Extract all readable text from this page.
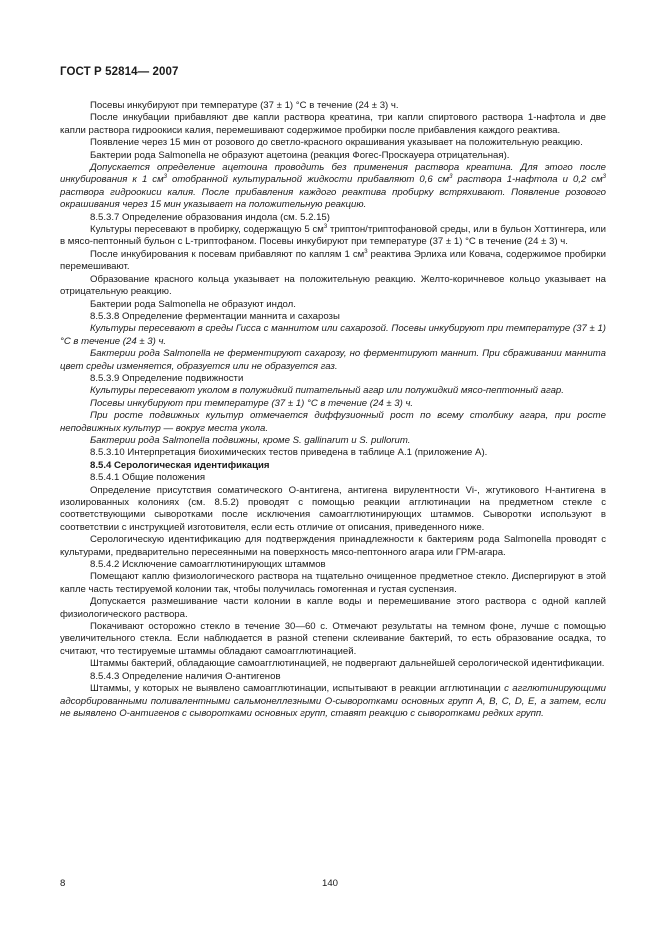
ГОСТ Р 52814— 2007

Посевы инкубируют при температуре (37 ± 1) °С в течение (24 ± 3) ч.

После инкубации прибавляют две капли раствора креатина, три капли спиртового раствора 1-нафтола и две капли раствора гидроокиси калия, перемешивают содержимое пробирки после прибавления каждого реактива.

Появление через 15 мин от розового до светло-красного окрашивания указывает на положительную реакцию.

Бактерии рода Salmonella не образуют ацетоина (реакция Фогес-Проскауера отрицательная).

Допускается определение ацетоина проводить без применения раствора креатина. Для этого после инкубирования к 1 $см^3$ отобранной культуральной жидкости прибавляют 0,6 $см^3$ раствора 1-нафтола и 0,2 $см^3$ раствора гидроокиси калия. После прибавления каждого реактива пробирку встряхивают. Появление розового окрашивания через 15 мин указывает на положительную реакцию.

8.5.3.7 Определение образования индола (см. 5.2.15)

Культуры пересевают в пробирку, содержащую 5 $см^3$ триптон/триптофановой среды, или в бульон Хоттингера, или в мясо-пептонный бульон с L-триптофаном. Посевы инкубируют при температуре (37 ± 1) °С в течение (24 ± 3) ч.

После инкубирования к посевам прибавляют по каплям 1 $см^3$ реактива Эрлиха или Ковача, содержимое пробирки перемешивают.

Образование красного кольца указывает на положительную реакцию. Желто-коричневое кольцо указывает на отрицательную реакцию.

Бактерии рода Salmonella не образуют индол.

8.5.3.8 Определение ферментации маннита и сахарозы

Культуры пересевают в среды Гисса с маннитом или сахарозой. Посевы инкубируют при температуре (37 ± 1) °С в течение (24 ± 3) ч.

Бактерии рода Salmonella не ферментируют сахарозу, но ферментируют маннит. При сбраживании маннита цвет среды изменяется, образуется или не образуется газ.

8.5.3.9 Определение подвижности

Культуры пересевают уколом в полужидкий питательный агар или полужидкий мясо-пептонный агар.

Посевы инкубируют при температуре (37 ± 1) °С в течение (24 ± 3) ч.

При росте подвижных культур отмечается диффузионный рост по всему столбику агара, при росте неподвижных культур — вокруг места укола.

Бактерии рода Salmonella подвижны, кроме S. gallinarum и S. pullorum.

8.5.3.10 Интерпретация биохимических тестов приведена в таблице А.1 (приложение А).

8.5.4 Серологическая идентификация

8.5.4.1 Общие положения

Определение присутствия соматического О-антигена, антигена вирулентности Vi-, жгутикового Н-антигена в изолированных колониях (см. 8.5.2) проводят с помощью реакции агглютинации на предметном стекле с соответствующими сыворотками после исключения самоагглютинирующих штаммов. Сыворотки используют в соответствии с инструкцией изготовителя, если есть отличие от описания, приведенного ниже.

Серологическую идентификацию для подтверждения принадлежности к бактериям рода Salmonella проводят с культурами, предварительно пересеянными на поверхность мясо-пептонного агара или ГРМ-агара.

8.5.4.2 Исключение самоагглютинирующих штаммов

Помещают каплю физиологического раствора на тщательно очищенное предметное стекло. Диспергируют в этой капле часть тестируемой колонии так, чтобы получилась гомогенная и густая суспензия.

Допускается размешивание части колонии в капле воды и перемешивание этого раствора с одной каплей физиологического раствора.

Покачивают осторожно стекло в течение 30—60 с. Отмечают результаты на темном фоне, лучше с помощью увеличительного стекла. Если наблюдается в разной степени склеивание бактерий, то есть образование осадка, то считают, что тестируемые штаммы обладают самоагглютинацией.

Штаммы бактерий, обладающие самоагглютинацией, не подвергают дальнейшей серологической идентификации.

8.5.4.3 Определение наличия О-антигенов

Штаммы, у которых не выявлено самоагглютинации, испытывают в реакции агглютинации с агглютинирующими адсорбированными поливалентными сальмонеллезными О-сыворотками основных групп А, В, С, D, Е, а затем, если не выявлено О-антигенов с сыворотками основных групп, ставят реакцию с сыворотками редких групп.

8	140
